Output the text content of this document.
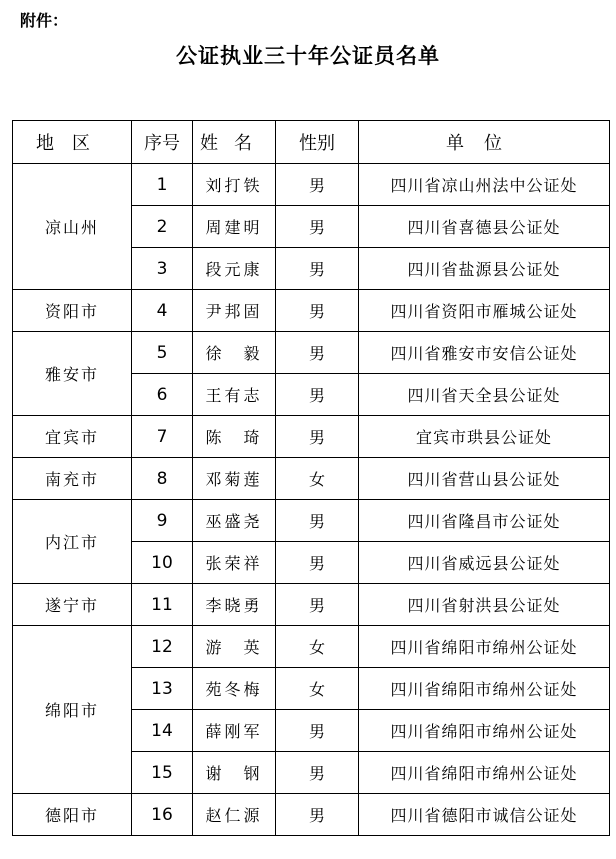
附件：
公证执业三十年公证员名单
地区	序号	姓名	性别	单位
凉山州	1	刘打铁	男	四川省凉山州法中公证处
	2	周建明	男	四川省喜德县公证处
	3	段元康	男	四川省盐源县公证处
资阳市	4	尹邦固	男	四川省资阳市雁城公证处
雅安市	5	徐　毅	男	四川省雅安市安信公证处
	6	王有志	男	四川省天全县公证处
宜宾市	7	陈　琦	男	宜宾市珙县公证处
南充市	8	邓菊莲	女	四川省营山县公证处
内江市	9	巫盛尧	男	四川省隆昌市公证处
	10	张荣祥	男	四川省威远县公证处
遂宁市	11	李晓勇	男	四川省射洪县公证处
绵阳市	12	游　英	女	四川省绵阳市绵州公证处
	13	苑冬梅	女	四川省绵阳市绵州公证处
	14	薛刚军	男	四川省绵阳市绵州公证处
	15	谢　钢	男	四川省绵阳市绵州公证处
德阳市	16	赵仁源	男	四川省德阳市诚信公证处
